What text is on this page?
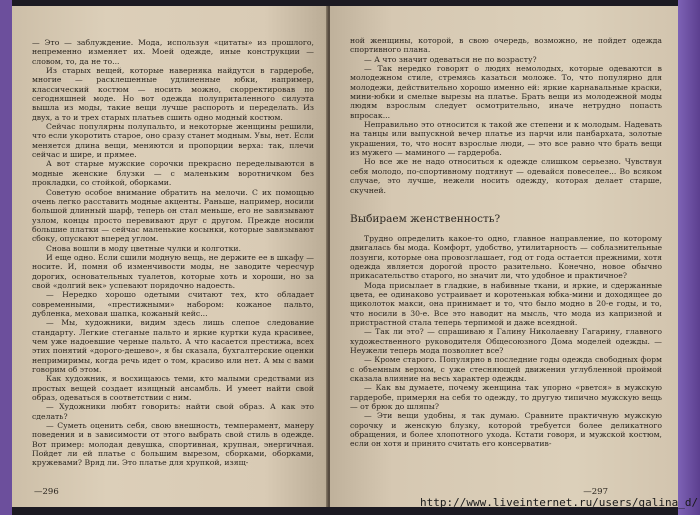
— Это — заблуждение. Мода, используя «цитаты» из прошлого, непременно изменяет их. Моей одежде, иные конструкции — словом, то, да не то...

Из старых вещей, которые наверняка найдутся в гардеробе, многие — расклешенные удлиненные юбки, например, классический костюм — носить можно, скорректировав по сегодняшней моде. Но вот одежда полуприталенного силуэта вышла из моды, такие вещи лучше распороть и переделать. Из двух, а то и трех старых платьев сшить одно модный костюм.

Сейчас популярны полупальто, и некоторые женщины решили, что если укоротить старое, оно сразу станет модным. Увы, нет. Если меняется длина вещи, меняются и пропорции верха: так, плечи сейчас и шире, и прямее.

А вот старые мужские сорочки прекрасно переделываются в модные женские блузки — с маленьким воротничком без прокладки, со стойкой, оборками.

Советую особое внимание обратить на мелочи. С их помощью очень легко расставить модные акценты. Раньше, например, носили большой длинный шарф, теперь он стал меньше, его не завязывают узлом, концы просто перевивают друг с другом. Прежде носили большие платки — сейчас маленькие косынки, которые завязывают сбоку, опускают вперед углом.

Снова вошли в моду цветные чулки и колготки.

И еще одно. Если сшили модную вещь, не держите ее в шкафу — носите. И, помня об изменчивости моды, не заводите чересчур дорогих, основательных туалетов, которые хоть и хороши, но за свой «долгий век» успевают порядочно надоесть.

— Нередко хорошо одетыми считают тех, кто обладает современными, «престижными» набором: кожаное пальто, дубленка, меховая шапка, кожаный кейс...

— Мы, художники, видим здесь лишь слепое следование стандарту. Легкие стеганые пальто и яркие куртки куда красивее, чем уже надоевшие черные пальто. А что касается престижа, всех этих понятий «дорого-дешево», я бы сказала, бухгалтерские оценки непримиримы, когда речь идет о том, красиво или нет. А мы с вами говорим об этом.

Как художник, я восхищаюсь теми, кто малыми средствами из простых вещей создает изящный ансамбль. И умеет найти свой образ, одеваться в соответствии с ним.

— Художники любят говорить: найти свой образ. А как это сделать?

— Суметь оценить себя, свою внешность, темперамент, манеру поведения и в зависимости от этого выбрать свой стиль в одежде. Вот пример: молодая девушка, спортивная, крупная, энергичная. Пойдет ли ей платье с большим вырезом, сборками, оборками, кружевами? Вряд ли. Это платье для хрупкой, изящ-

—296

ной женщины, которой, в свою очередь, возможно, не пойдет одежда спортивного плана.

— А что значит одеваться не по возрасту?

— Так нередко говорят о людях немолодых, которые одеваются в молодежном стиле, стремясь казаться моложе. То, что популярно для молодежи, действительно хорошо именно ей: яркие карнавальные краски, мини-юбки и смелые вырезы на платье. Брать вещи из молодежной моды людям взрослым следует осмотрительно, иначе нетрудно попасть впросак...

Неправильно это относится к такой же степени и к молодым. Надевать на танцы или выпускной вечер платье из парчи или панбархата, золотые украшения, то, что носят взрослые люди, — это все равно что брать вещи из мужего — маминого — гардероба.

Но все же не надо относиться к одежде слишком серьезно. Чувствуя себя молодо, по-спортивному подтянут — одевайся повеселее... Во всяком случае, это лучше, нежели носить одежду, которая делает старше, скучней.

Выбираем женственность?

Трудно определить какое-то одно, главное направление, по которому двигалась бы мода. Комфорт, удобство, утилитарность — соблазнительные лозунги, которые она провозглашает, год от года остается прежними, хотя одежда является дорогой просто разительно. Конечно, новое обычно прикасательство старого, но значит ли, что удобное и практичное?

Мода присылает в гладкие, в набивные ткани, и яркие, и сдержанные цвета, ее одинаково устраивает и коротенькая юбка-мини и доходящее до щиколоток макси, она принимает и то, что было модно в 20-е годы, и то, что носили в 30-е. Все это наводит на мысль, что мода из капризной и пристрастной стала теперь терпимой и даже всеядной.

— Так ли это? — спрашиваю я Галину Николаевну Гагарину, главного художественного руководителя Общесоюзного Дома моделей одежды. — Неужели теперь мода позволяет все?

— Кроме старого. Популярно в последние годы одежда свободных форм с объемным верхом, с уже стесняющей движения углубленной проймой сказала влияние на весь характер одежды.

— Как вы думаете, почему женщина так упорно «рвется» в мужскую гардеробе, примеряя на себя то одежду, то другую типично мужскую вещь — от брюк до шляпы?

— Эти вещи удобны, я так думаю. Сравните практичную мужскую сорочку и женскую блузку, которой требуется более деликатного обращения, и более хлопотного ухода. Кстати говоря, и мужской костюм, если он хотя и принято считать его консерватив-

—297
http://www.liveinternet.ru/users/galina_d/
